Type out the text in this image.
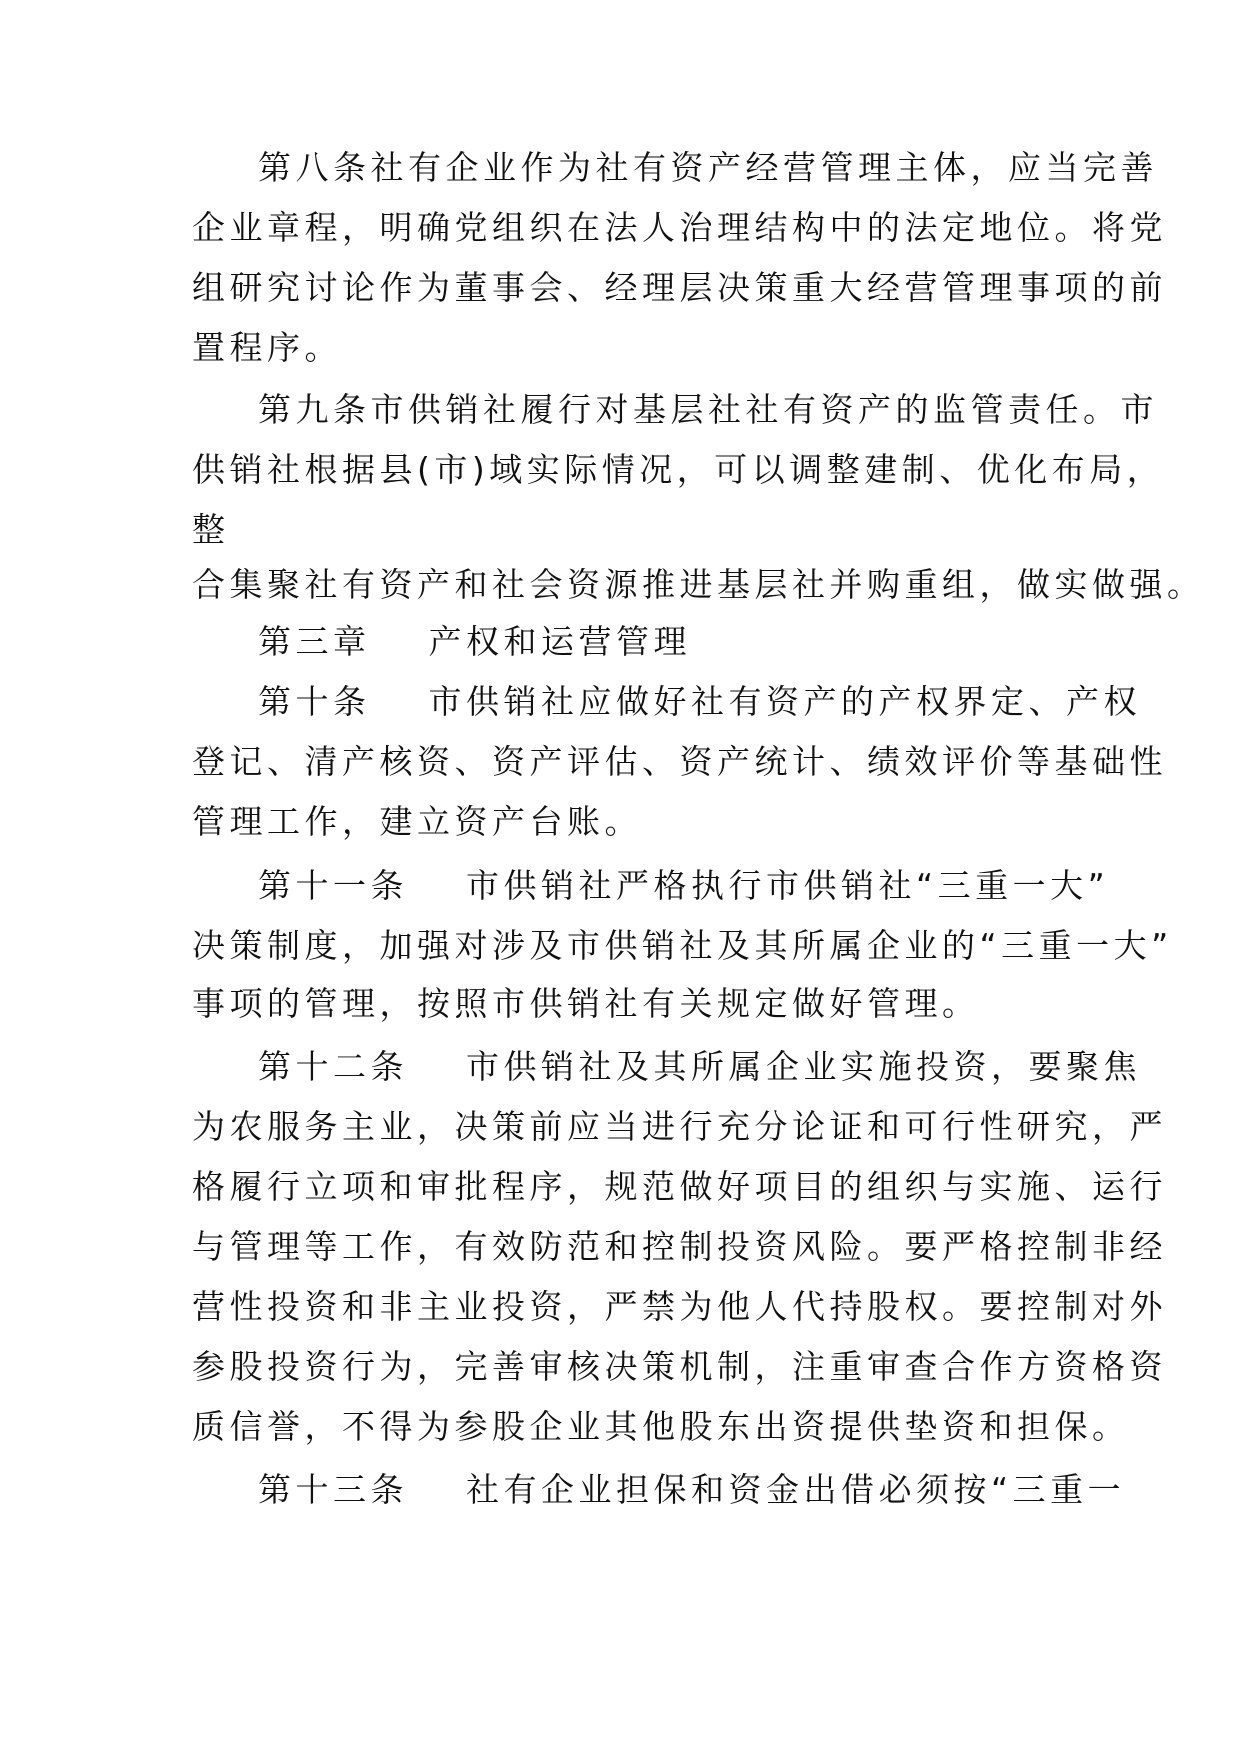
第八条社有企业作为社有资产经营管理主体，应当完善

企业章程，明确党组织在法人治理结构中的法定地位。将党

组研究讨论作为董事会、经理层决策重大经营管理事项的前

置程序。

第九条市供销社履行对基层社社有资产的监管责任。市

供销社根据县(市)域实际情况，可以调整建制、优化布局，

整

合集聚社有资产和社会资源推进基层社并购重组，做实做强。

第三章 产权和运营管理

第十条 市供销社应做好社有资产的产权界定、产权

登记、清产核资、资产评估、资产统计、绩效评价等基础性

管理工作，建立资产台账。

第十一条 市供销社严格执行市供销社“三重一大”

决策制度，加强对涉及市供销社及其所属企业的“三重一大”

事项的管理，按照市供销社有关规定做好管理。

第十二条 市供销社及其所属企业实施投资，要聚焦

为农服务主业，决策前应当进行充分论证和可行性研究，严

格履行立项和审批程序，规范做好项目的组织与实施、运行

与管理等工作，有效防范和控制投资风险。要严格控制非经

营性投资和非主业投资，严禁为他人代持股权。要控制对外

参股投资行为，完善审核决策机制，注重审查合作方资格资

质信誉，不得为参股企业其他股东出资提供垫资和担保。

第十三条 社有企业担保和资金出借必须按“三重一
